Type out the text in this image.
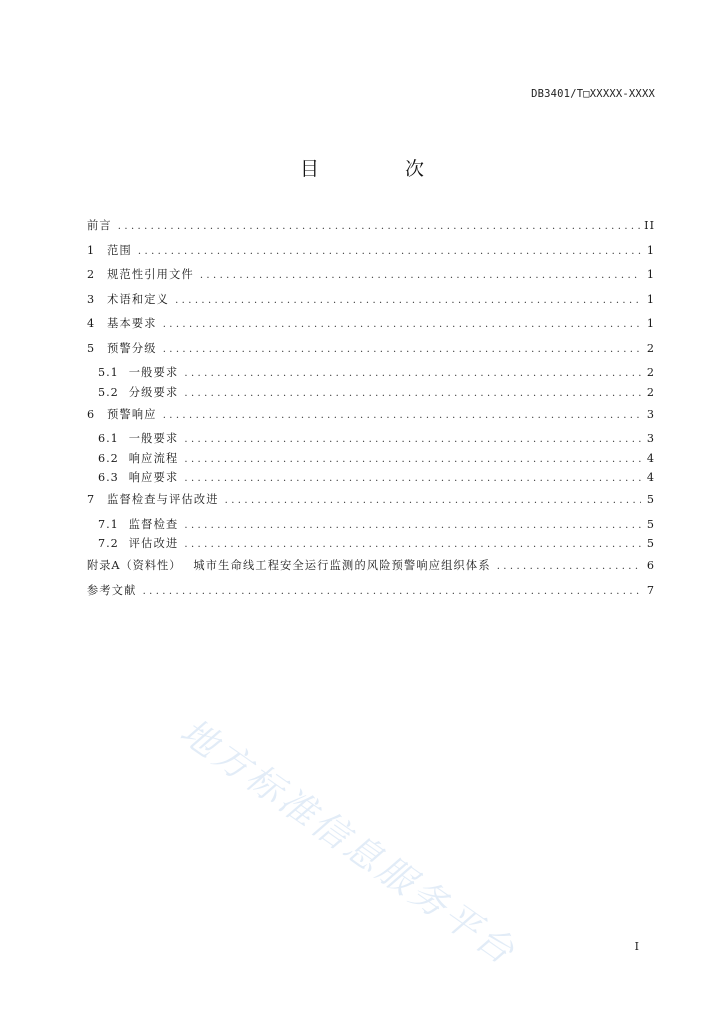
DB3401/T□XXXXX-XXXX
目 次
前言 .....	II
1 范围 .....	1
2 规范性引用文件 .....	1
3 术语和定义 .....	1
4 基本要求 .....	1
5 预警分级 .....	2
5.1 一般要求 .....	2
5.2 分级要求 .....	2
6 预警响应 .....	3
6.1 一般要求 .....	3
6.2 响应流程 .....	4
6.3 响应要求 .....	4
7 监督检查与评估改进 .....	5
7.1 监督检查 .....	5
7.2 评估改进 .....	5
附录A（资料性） 城市生命线工程安全运行监测的风险预警响应组织体系 .....	6
参考文献 .....	7
地方标准信息服务平台	I
